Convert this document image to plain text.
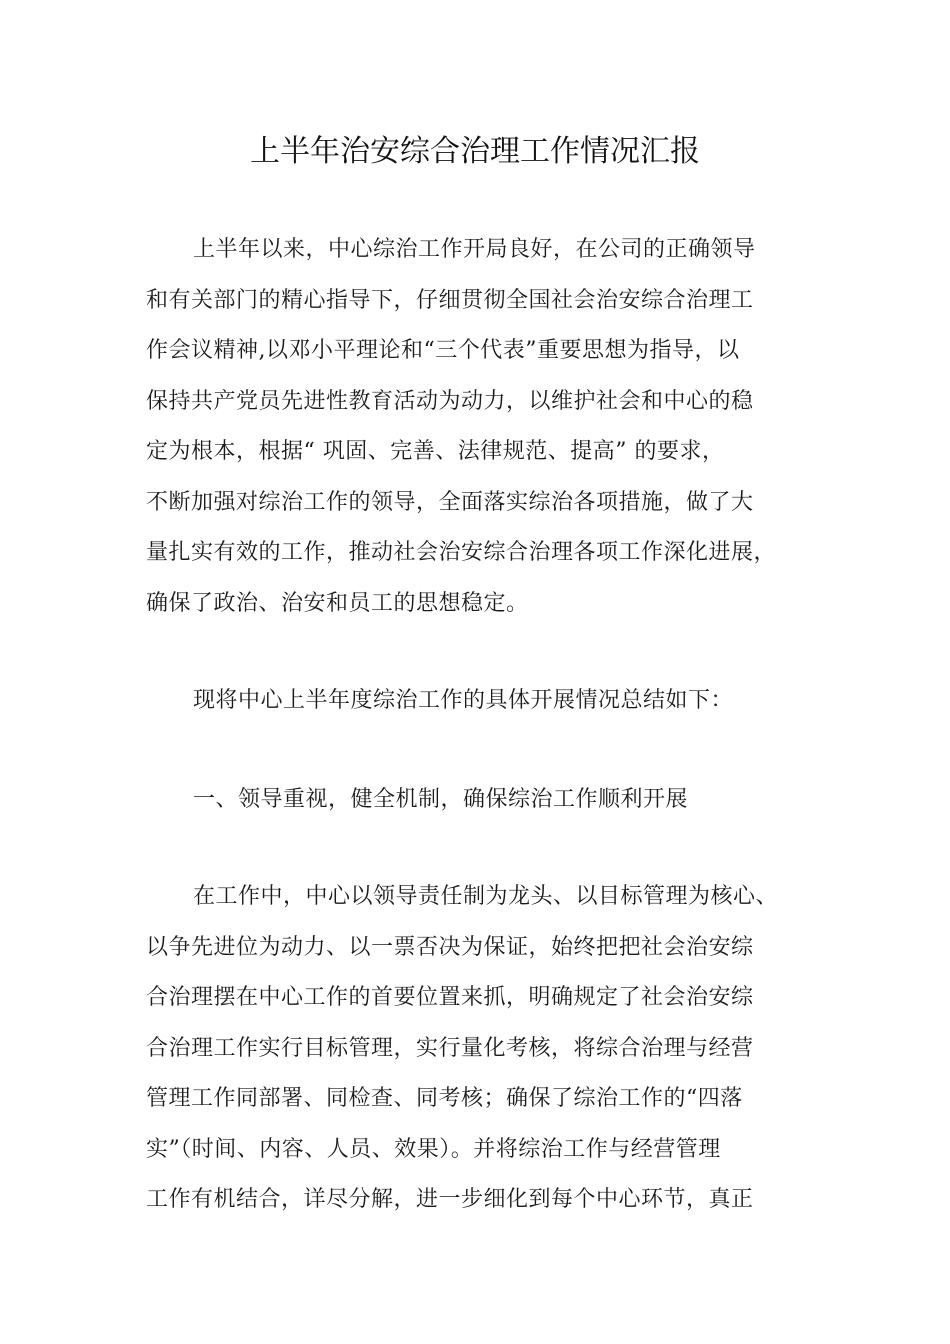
上半年治安综合治理工作情况汇报
上半年以来，中心综治工作开局良好，在公司的正确领导
和有关部门的精心指导下，仔细贯彻全国社会治安综合治理工
作会议精神,以邓小平理论和“三个代表”重要思想为指导，以
保持共产党员先进性教育活动为动力，以维护社会和中心的稳
定为根本，根据“ 巩固、完善、法律规范、提高” 的要求，
不断加强对综治工作的领导，全面落实综治各项措施，做了大
量扎实有效的工作，推动社会治安综合治理各项工作深化进展，
确保了政治、治安和员工的思想稳定。
现将中心上半年度综治工作的具体开展情况总结如下：
一、领导重视，健全机制，确保综治工作顺利开展
在工作中，中心以领导责任制为龙头、以目标管理为核心、
以争先进位为动力、以一票否决为保证，始终把把社会治安综
合治理摆在中心工作的首要位置来抓，明确规定了社会治安综
合治理工作实行目标管理，实行量化考核，将综合治理与经营
管理工作同部署、同检查、同考核；确保了综治工作的“四落
实”（时间、内容、人员、效果）。并将综治工作与经营管理
工作有机结合，详尽分解，进一步细化到每个中心环节，真正
